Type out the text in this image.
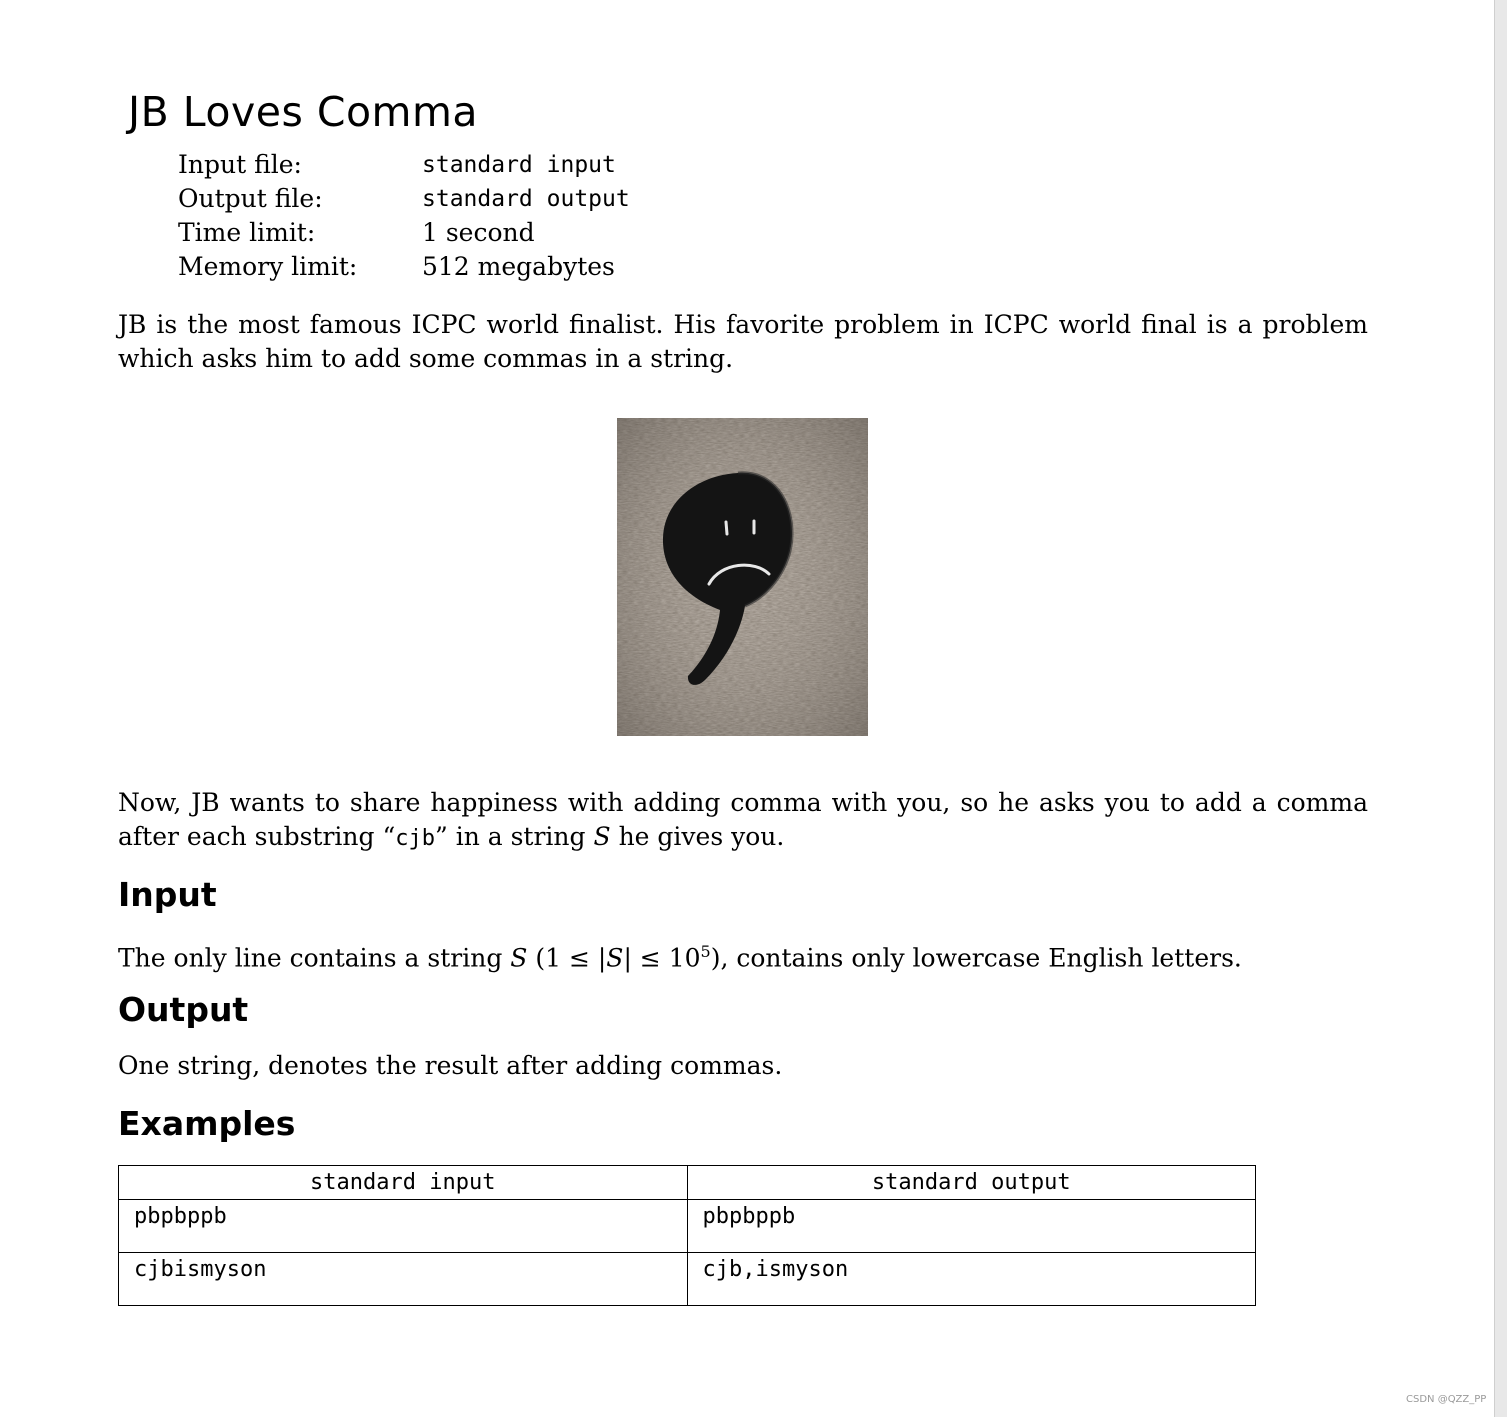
JB Loves Comma
Input file:	standard input
Output file:	standard output
Time limit:	1 second
Memory limit:	512 megabytes
JB is the most famous ICPC world finalist. His favorite problem in ICPC world final is a problem which asks him to add some commas in a string.
Now, JB wants to share happiness with adding comma with you, so he asks you to add a comma after each substring “cjb” in a string S he gives you.
Input
The only line contains a string S $(1 \le |S| \le 10^5)$, contains only lowercase English letters.
Output
One string, denotes the result after adding commas.
Examples
standard input	standard output
pbpbppb	pbpbppb
cjbismyson	cjb,ismyson
CSDN @QZZ_PP
